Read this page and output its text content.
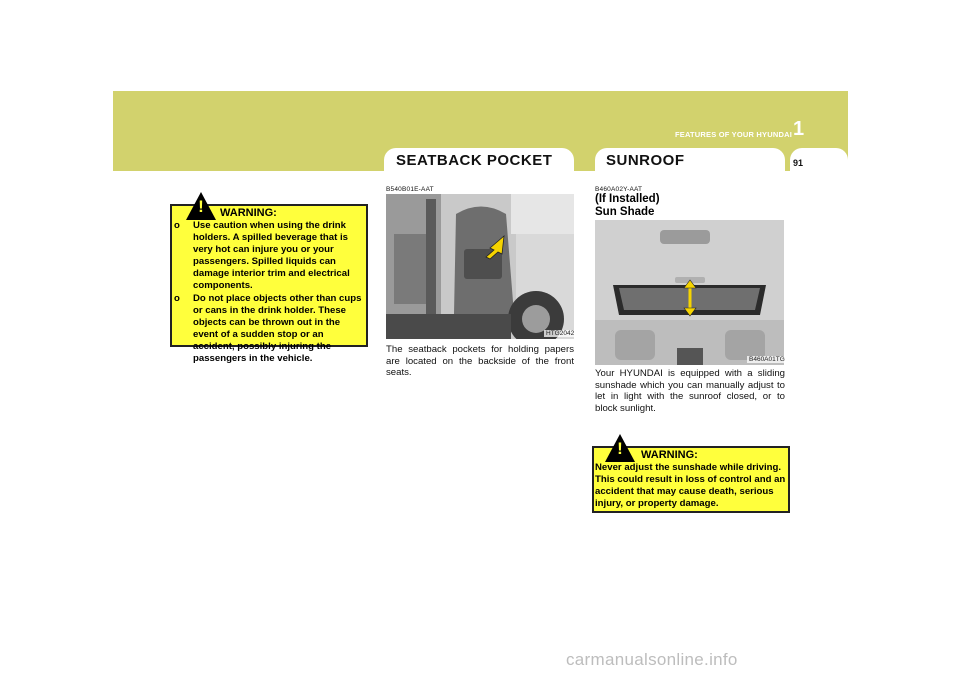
1
FEATURES OF YOUR HYUNDAI
91
SEATBACK POCKET	SUNROOF
!	WARNING:
o Use caution when using the drink holders. A spilled beverage that is very hot can injure you or your passengers. Spilled liquids can damage interior trim and electrical components.
o Do not place objects other than cups or cans in the drink holder. These objects can be thrown out in the event of a sudden stop or an accident, possibly injuring the passengers in the vehicle.
B540B01E-AAT
HTG2042

The seatback pockets for holding papers are located on the backside of the front seats.

B460A02Y-AAT
(If Installed)
Sun Shade
B460A01TG

Your HYUNDAI is equipped with a sliding sunshade which you can manually adjust to let in light with the sunroof closed, or to block sunlight.

!	WARNING:

Never adjust the sunshade while driving. This could result in loss of control and an accident that may cause death, serious injury, or property damage.

carmanualsonline.info
